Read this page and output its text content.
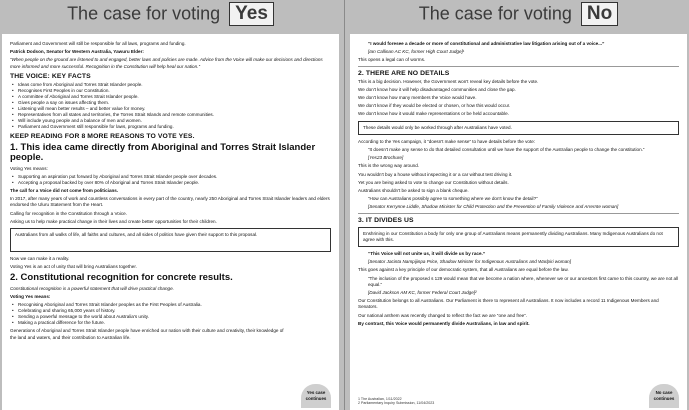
The case for voting Yes
Parliament and Government will still be responsible for all laws, programs and funding.
Patrick Dodson, Senator for Western Australia, Yawuru Elder:
“When people on the ground are listened to and engaged, better laws and policies are made. Advice from the Voice will make our decisions and directions more informed and more successful. Recognition in the Constitution will help heal our nation.”
THE VOICE: KEY FACTS
• Ideas come from Aboriginal and Torres Strait Islander people.
• Recognises First Peoples in our Constitution.
• A committee of Aboriginal and Torres Strait Islander people.
• Gives people a say on issues affecting them.
• Listening will mean better results – and better value for money.
• Representatives from all states and territories, the Torres Strait Islands and remote communities.
• Will include young people and a balance of men and women.
• Parliament and Government still responsible for laws, programs and funding.
KEEP READING FOR 8 MORE REASONS TO VOTE YES.
1. This idea came directly from Aboriginal and Torres Strait Islander people.
Voting Yes means:
• Supporting an aspiration put forward by Aboriginal and Torres Strait Islander people over decades.
• Accepting a proposal backed by over 80% of Aboriginal and Torres Strait Islander people.
The call for a Voice did not come from politicians.
In 2017, after many years of work and countless conversations in every part of the country, nearly 250 Aboriginal and Torres Strait Islander leaders and elders endorsed the Uluru Statement from the Heart.
Calling for recognition in the Constitution through a Voice.
Asking us to help make practical change in their lives and create better opportunities for their children.
Australians from all walks of life, all faiths and cultures, and all sides of politics have given their support to this proposal.
Now we can make it a reality.
Voting Yes is an act of unity that will bring Australians together.
2. Constitutional recognition for concrete results.
Constitutional recognition is a powerful statement that will drive practical change.
Voting Yes means:
• Recognising Aboriginal and Torres Strait Islander peoples as the First Peoples of Australia.
• Celebrating and sharing 65,000 years of history.
• Sending a powerful message to the world about Australia's unity.
• Making a practical difference for the future.
Generations of Aboriginal and Torres Strait Islander people have enriched our nation with their culture and creativity, their knowledge of the land and waters, and their contribution to Australian life.
Yes case continues
The case for voting No
“I would foresee a decade or more of constitutional and administrative law litigation arising out of a voice...”
[Ian Callinan AC KC, former High Court Judge]¹
This opens a legal can of worms.
2. THERE ARE NO DETAILS
This is a big decision. However, the Government won't reveal key details before the vote.
We don't know how it will help disadvantaged communities and close the gap.
We don't know how many members the Voice would have.
We don't know if they would be elected or chosen, or how this would occur.
We don't know how it would make representations or be held accountable.
These details would only be worked through after Australians have voted.
According to the Yes campaign, it “doesn't make sense” to have details before the vote:
“It doesn't make any sense to do that detailed consultation until we have the support of the Australian people to change the constitution.”
[Yes23 Brochure]
This is the wrong way around.
You wouldn't buy a house without inspecting it or a car without test driving it.
Yet you are being asked to vote to change our Constitution without details.
Australians shouldn't be asked to sign a blank cheque.
“How can Australians possibly agree to something where we don't know the detail?”
[Senator Kerrynne Liddle, Shadow Minister for Child Protection and the Prevention of Family Violence and Arrernte woman]
3. IT DIVIDES US
Enshrining in our Constitution a body for only one group of Australians means permanently dividing Australians. Many Indigenous Australians do not agree with this.
“This Voice will not unite us, it will divide us by race.”
[Senator Jacinta Nampijinpa Price, Shadow Minister for Indigenous Australians and Warlpiri woman]
This goes against a key principle of our democratic system, that all Australians are equal before the law.
“The inclusion of the proposed s 129 would mean that we become a nation where, whenever we or our ancestors first came to this country, we are not all equal.”
[David Jackson AM KC, former Federal Court Judge]²
Our Constitution belongs to all Australians. Our Parliament is there to represent all Australians. It now includes a record 11 Indigenous Members and Senators.
Our national anthem was recently changed to reflect the fact we are “one and free”.
By contrast, this Voice would permanently divide Australians, in law and spirit.
1 The Australian, 1/11/2022
2 Parliamentary Inquiry Submission, 11/04/2023
No case continues
